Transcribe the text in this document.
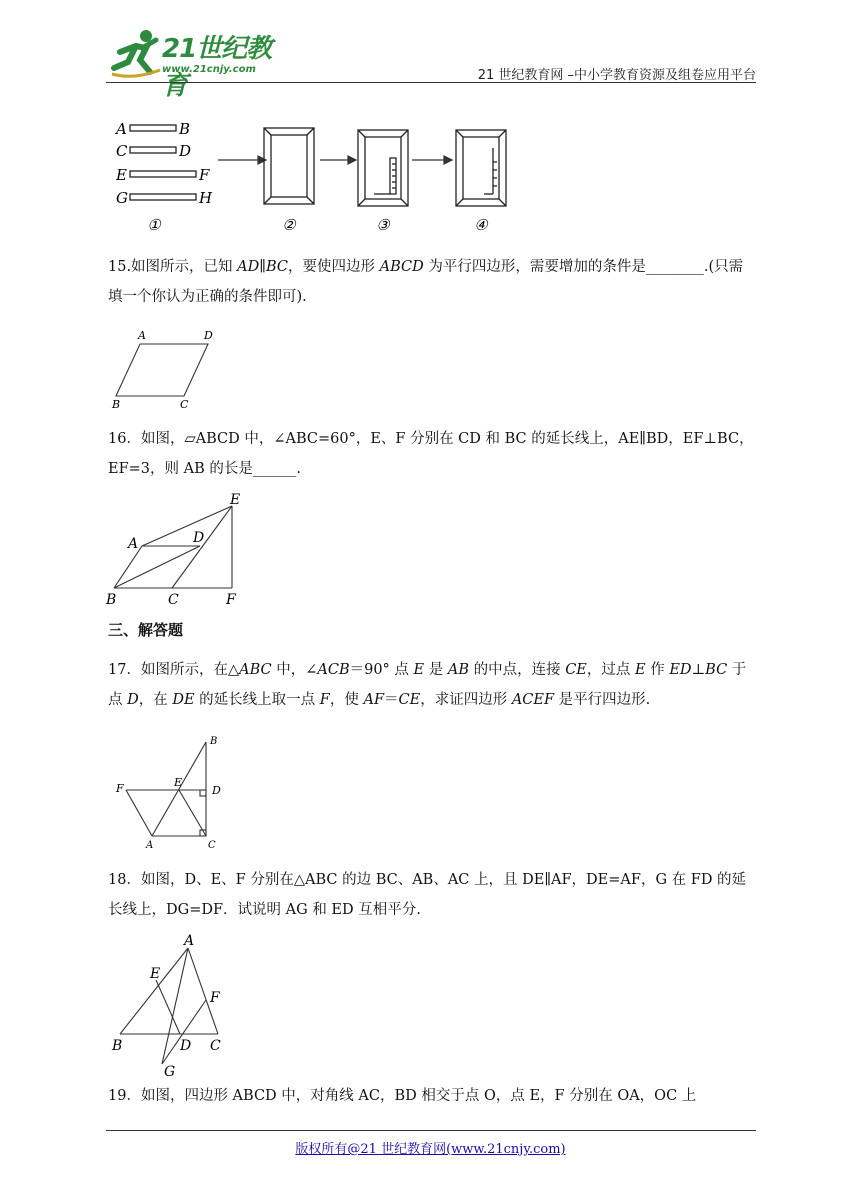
21世纪教育
www.21cnjy.com	21 世纪教育网 –中小学教育资源及组卷应用平台
A	B
C	D
E	F
G	H
①	②	③	④
15.如图所示，已知 AD∥BC，要使四边形 ABCD 为平行四边形，需要增加的条件是________.(只需填一个你认为正确的条件即可).
A	D
B	C
16．如图，▱ABCD 中，∠ABC=60°，E、F 分别在 CD 和 BC 的延长线上，AE∥BD，EF⊥BC，EF=3，则 AB 的长是______.
A	D
E
B	C	F
三、解答题
17．如图所示，在△ABC 中，∠ACB＝90° 点 E 是 AB 的中点，连接 CE，过点 E 作 ED⊥BC 于点 D，在 DE 的延长线上取一点 F，使 AF＝CE，求证四边形 ACEF 是平行四边形.
B
F	E
D
A	C
18．如图，D、E、F 分别在△ABC 的边 BC、AB、AC 上，且 DE∥AF，DE=AF，G 在 FD 的延长线上，DG=DF．试说明 AG 和 ED 互相平分.
A
E
F
B	D C
G
19．如图，四边形 ABCD 中，对角线 AC，BD 相交于点 O，点 E，F 分别在 OA，OC 上
版权所有@21 世纪教育网(www.21cnjy.com)
